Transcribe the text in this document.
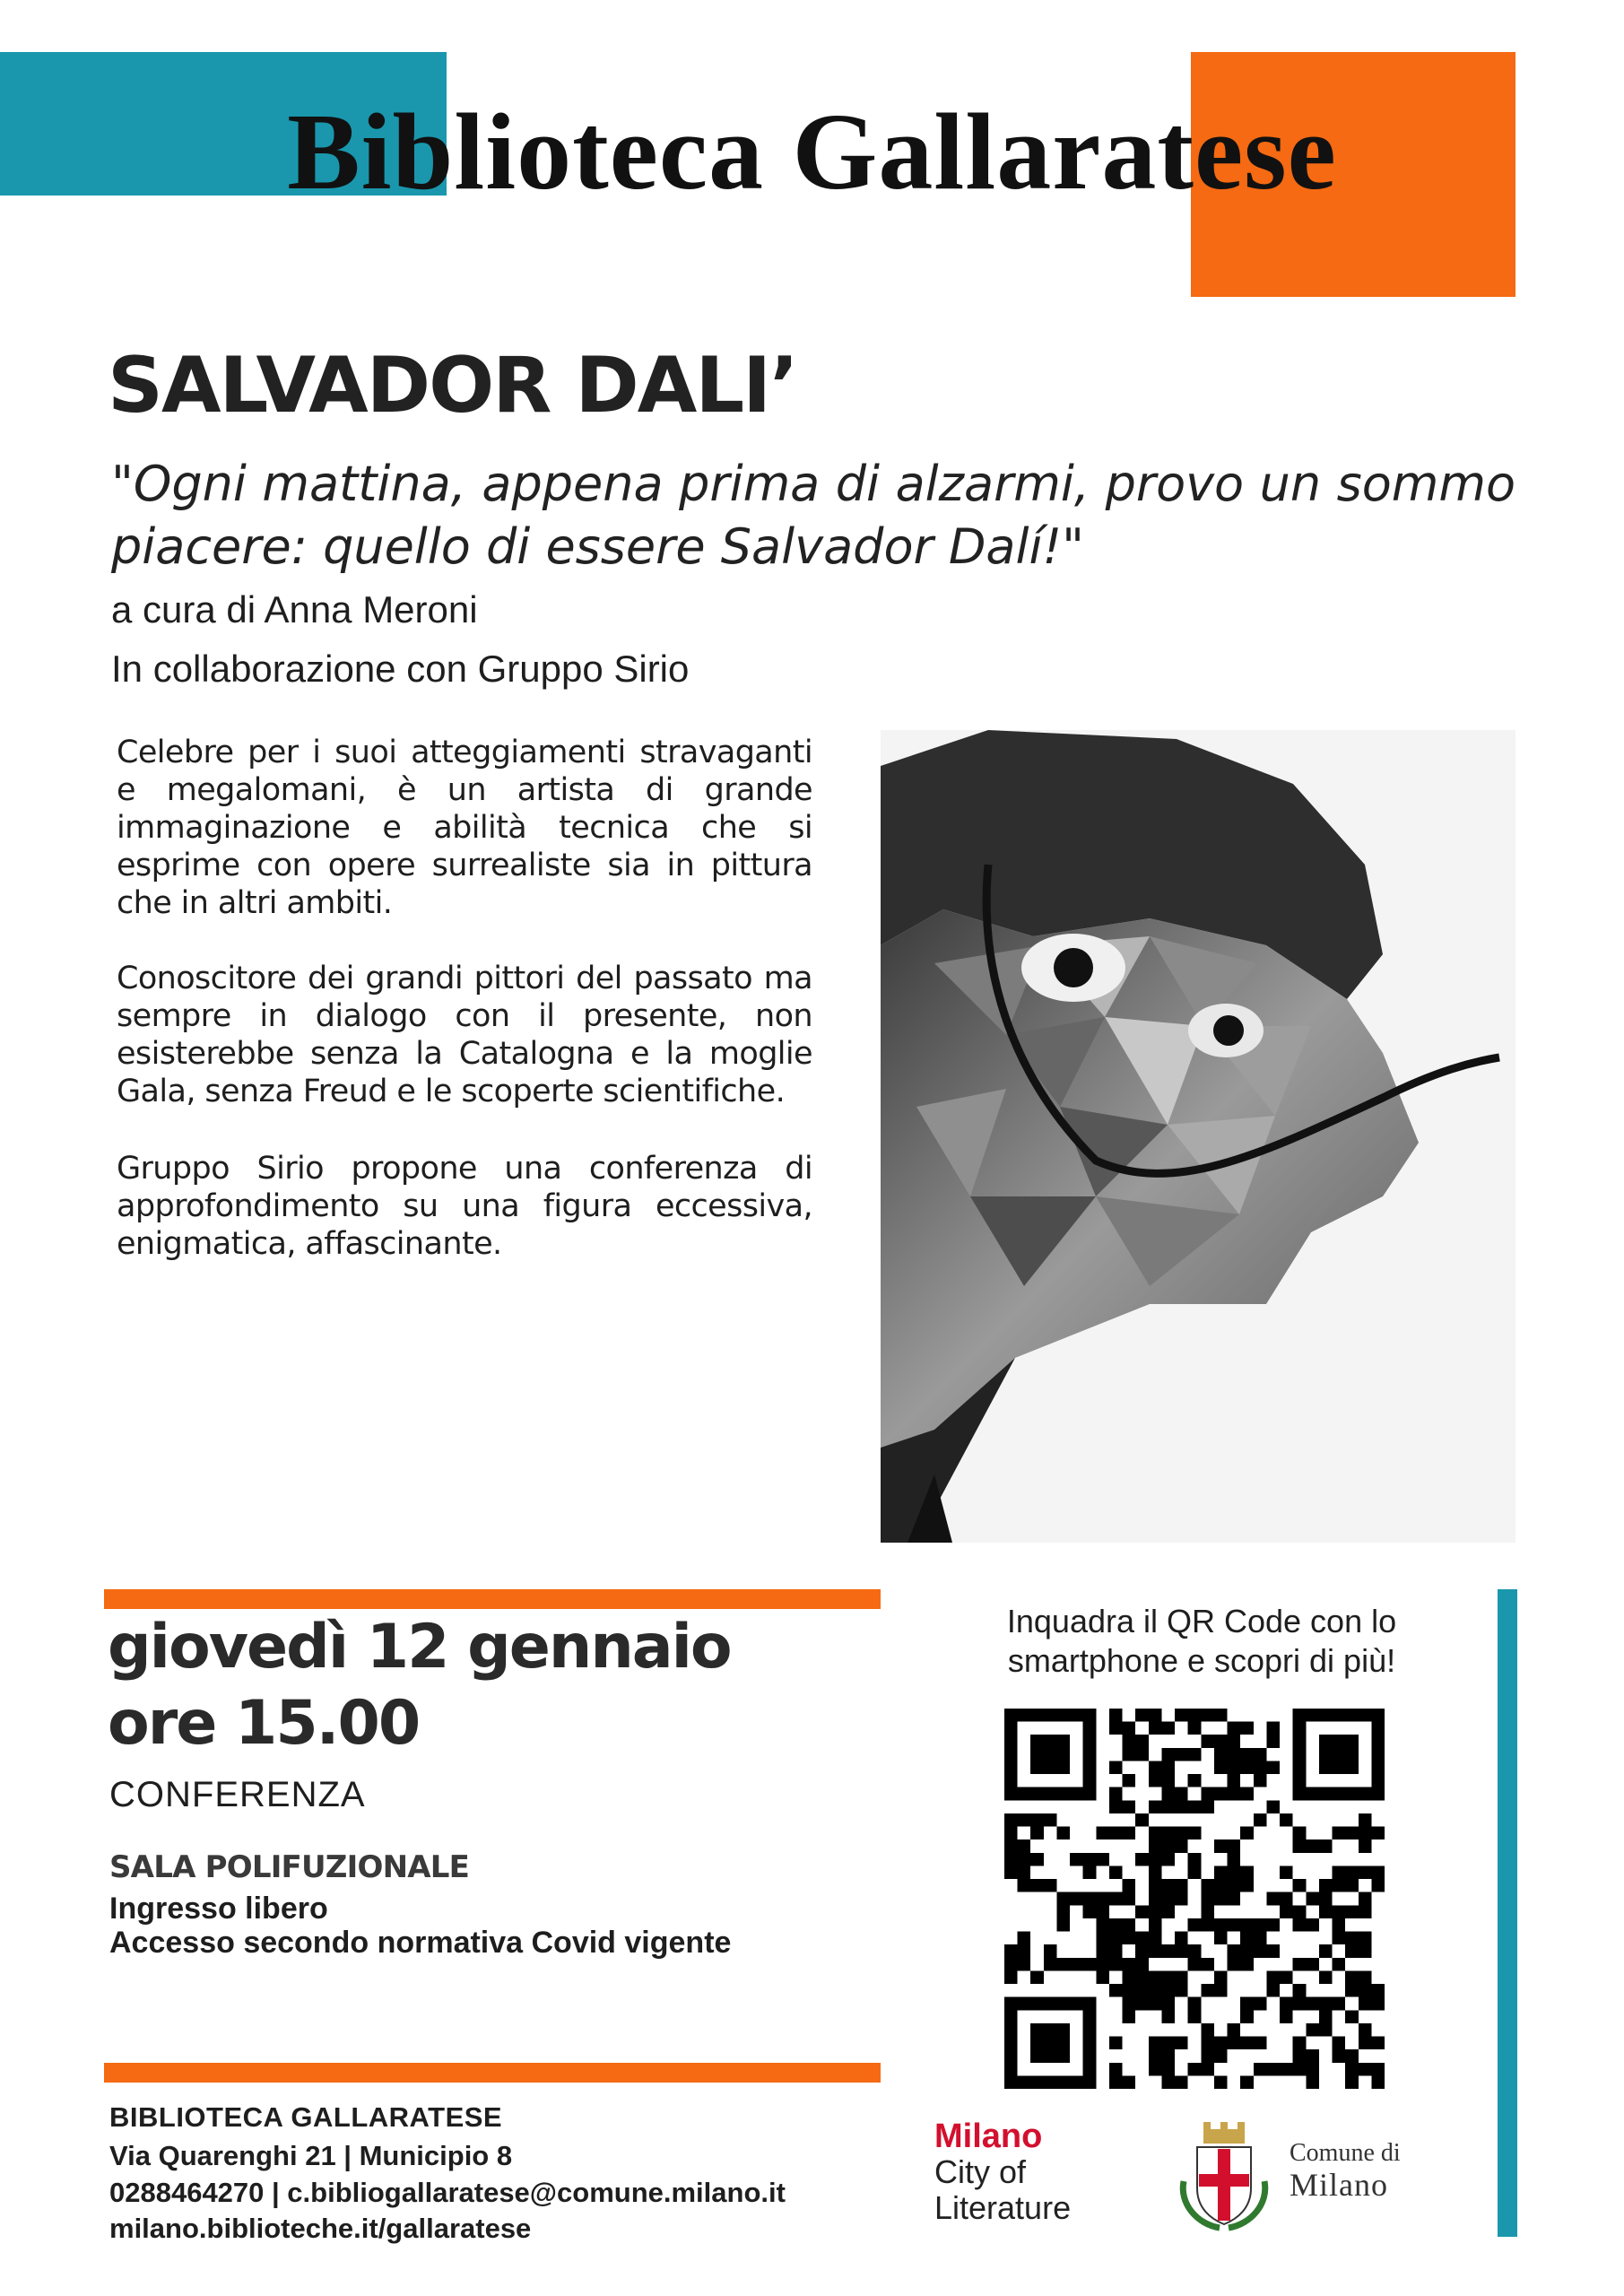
Biblioteca Gallaratese
SALVADOR DALI’
"Ogni mattina, appena prima di alzarmi, provo un sommo piacere: quello di essere Salvador Dalí!"
a cura di Anna Meroni
In collaborazione con Gruppo Sirio
Celebre per i suoi atteggiamenti stravaganti e megalomani, è un artista di grande immaginazione e abilità tecnica che si esprime con opere surrealiste sia in pittura che in altri ambiti.
Conoscitore dei grandi pittori del passato ma sempre in dialogo con il presente, non esisterebbe senza la Catalogna e la moglie Gala, senza Freud e le scoperte scientifiche.
Gruppo Sirio propone una conferenza di approfondimento su una figura eccessiva, enigmatica, affascinante.
giovedì 12 gennaio
ore 15.00
CONFERENZA
SALA POLIFUZIONALE
Ingresso libero
Accesso secondo normativa Covid vigente
Inquadra il QR Code con lo smartphone e scopri di più!
BIBLIOTECA GALLARATESE
Via Quarenghi 21 | Municipio 8
0288464270 | c.bibliogallaratese@comune.milano.it
milano.biblioteche.it/gallaratese
Milano
City of
Literature
Comune di
Milano
